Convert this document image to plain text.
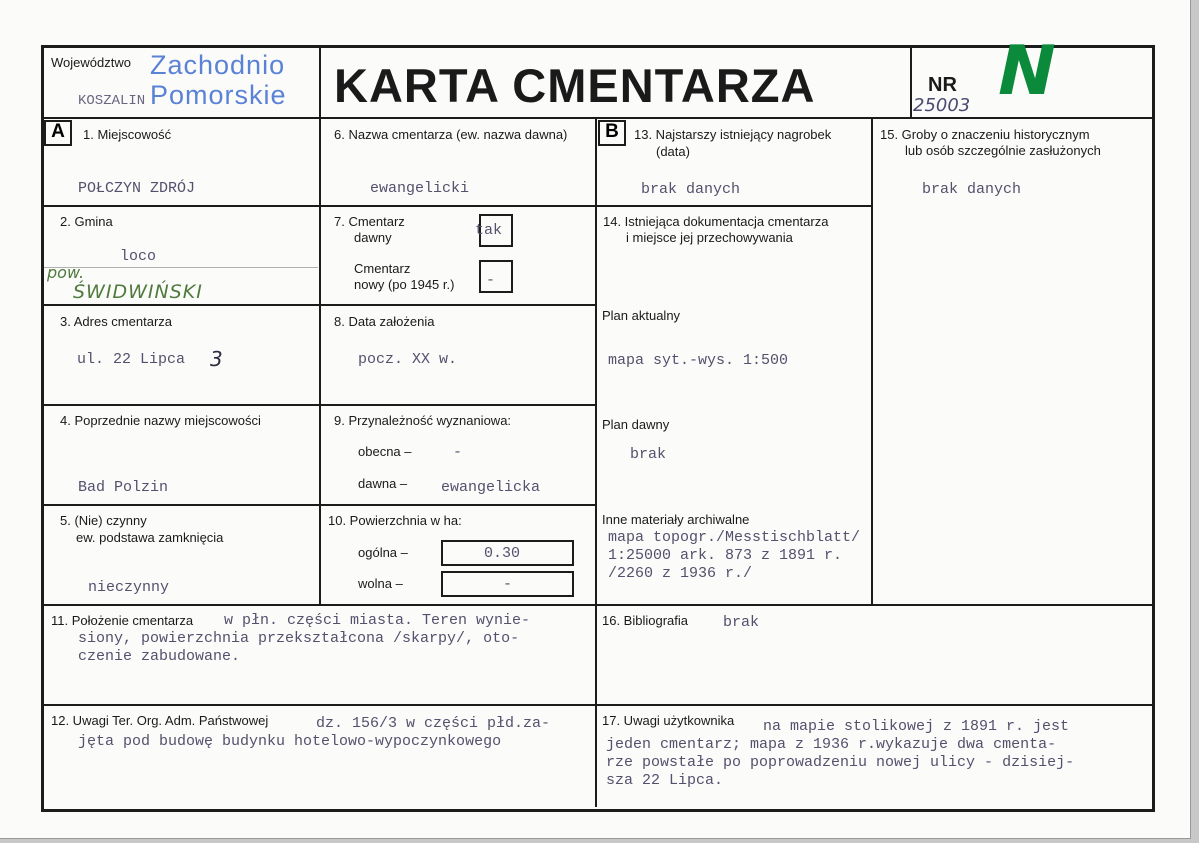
Województwo Zachodnio
Pomorskie
KOSZALIN	KARTA CMENTARZA	NR
25003 N
A	1. Miejscowość
POŁCZYN ZDRÓJ
2. Gmina
loco
pow.
ŚWIDWIŃSKI
3. Adres cmentarza
ul. 22 Lipca 3
4. Poprzednie nazwy miejscowości
Bad Polzin
5. (Nie) czynny
ew. podstawa zamknięcia
nieczynny
6. Nazwa cmentarza (ew. nazwa dawna)
ewangelicki
7. Cmentarz
dawny	tak
Cmentarz
nowy (po 1945 r.) -
8. Data założenia
pocz. XX w.
9. Przynależność wyznaniowa:
obecna –	-
dawna – ewangelicka
10. Powierzchnia w ha:
ogólna –	0.30
wolna –	-
B	13. Najstarszy istniejący nagrobek
(data)
brak danych
14. Istniejąca dokumentacja cmentarza
i miejsce jej przechowywania
Plan aktualny
mapa syt.-wys. 1:500
Plan dawny
brak
Inne materiały archiwalne
mapa topogr./Messtischblatt/
1:25000 ark. 873 z 1891 r.
/2260 z 1936 r./
15. Groby o znaczeniu historycznym
lub osób szczególnie zasłużonych
brak danych
11. Położenie cmentarza w płn. części miasta. Teren wynie-
siony, powierzchnia przekształcona /skarpy/, oto-
czenie zabudowane.
16. Bibliografia brak
12. Uwagi Ter. Org. Adm. Państwowej	dz. 156/3 w części płd.za-
jęta pod budowę budynku hotelowo-wypoczynkowego
17. Uwagi użytkownika na mapie stolikowej z 1891 r. jest
jeden cmentarz; mapa z 1936 r.wykazuje dwa cmenta-
rze powstałe po poprowadzeniu nowej ulicy - dzisiej-
sza 22 Lipca.
